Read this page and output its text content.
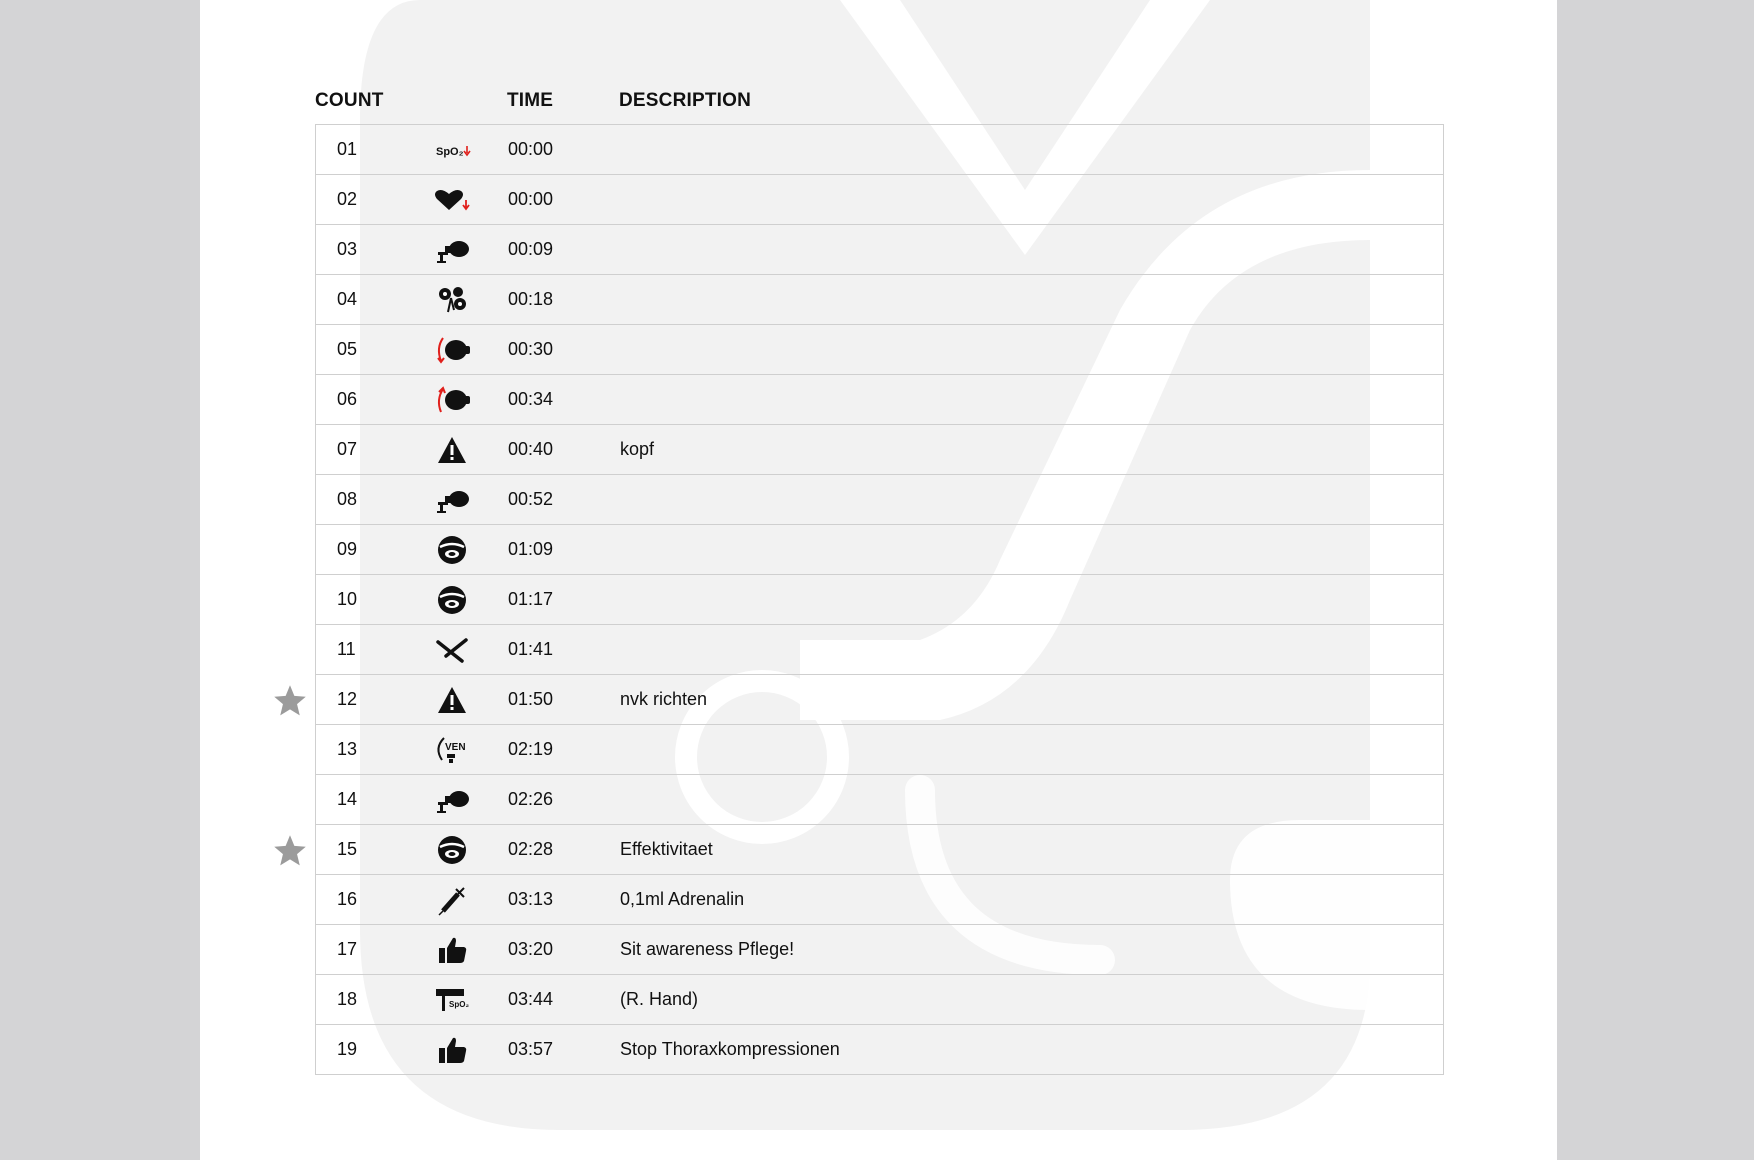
COUNT	TIME	DESCRIPTION
01	SpO₂ 00:00
02	00:00
03	00:09
04	00:18
05	00:30
06	00:34
07	00:40	kopf
08	00:52
09	01:09
10	01:17
11	01:41
12	01:50	nvk richten
13	VEN 02:19
14	02:26
15	02:28	Effektivitaet
16	03:13	0,1ml Adrenalin
17	03:20	Sit awareness Pflege!
18	SpO₂ 03:44	(R. Hand)
19	03:57	Stop Thoraxkompressionen
